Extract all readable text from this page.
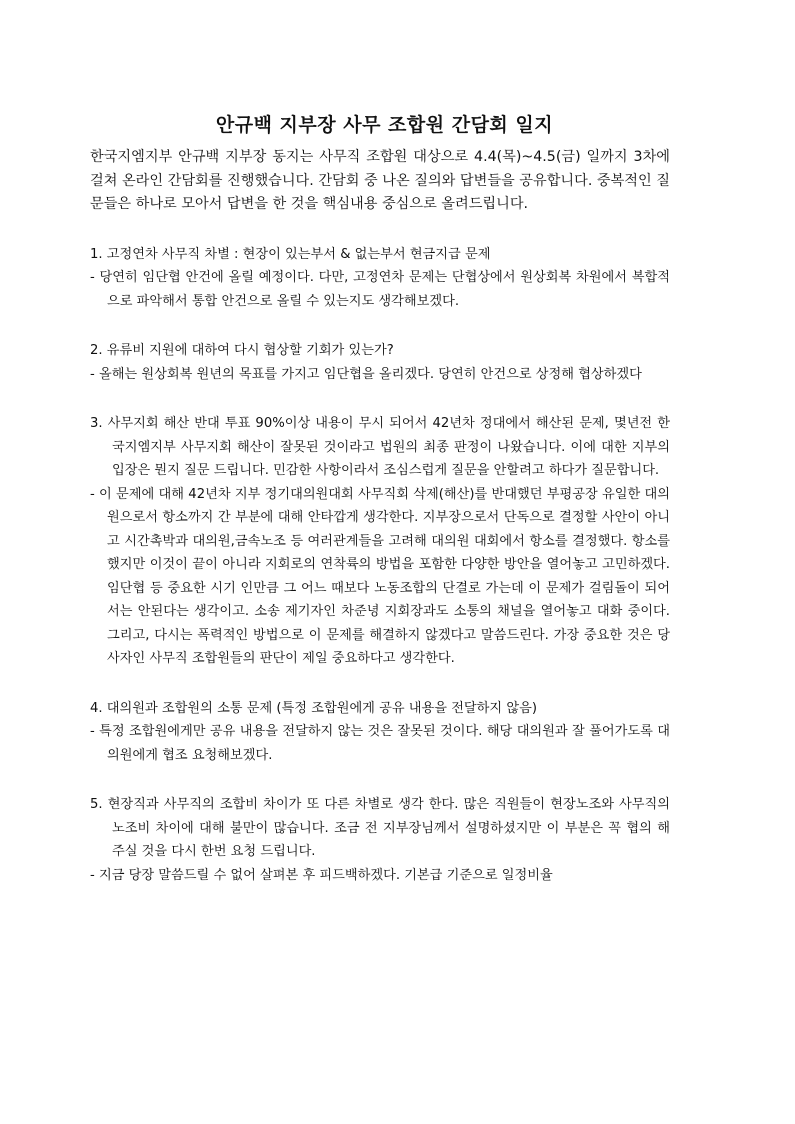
안규백 지부장 사무 조합원 간담회 일지

한국지엠지부 안규백 지부장 동지는 사무직 조합원 대상으로 4.4(목)~4.5(금) 일까지 3차에 걸쳐 온라인 간담회를 진행했습니다. 간담회 중 나온 질의와 답변들을 공유합니다. 중복적인 질문들은 하나로 모아서 답변을 한 것을 핵심내용 중심으로 올려드립니다.

1. 고정연차 사무직 차별 : 현장이 있는부서 & 없는부서 현금지급 문제
- 당연히 임단협 안건에 올릴 예정이다. 다만, 고정연차 문제는 단협상에서 원상회복 차원에서 복합적으로 파악해서 통합 안건으로 올릴 수 있는지도 생각해보겠다.
2. 유류비 지원에 대하여 다시 협상할 기회가 있는가?
- 올해는 원상회복 원년의 목표를 가지고 임단협을 올리겠다. 당연히 안건으로 상정해 협상하겠다
3. 사무지회 해산 반대 투표 90%이상 내용이 무시 되어서 42년차 정대에서 해산된 문제, 몇년전 한국지엠지부 사무지회 해산이 잘못된 것이라고 법원의 최종 판정이 나왔습니다. 이에 대한 지부의 입장은 뭔지 질문 드립니다. 민감한 사항이라서 조심스럽게 질문을 안할려고 하다가 질문합니다.
- 이 문제에 대해 42년차 지부 정기대의원대회 사무직회 삭제(해산)를 반대했던 부평공장 유일한 대의원으로서 항소까지 간 부분에 대해 안타깝게 생각한다. 지부장으로서 단독으로 결정할 사안이 아니고 시간촉박과 대의원,금속노조 등 여러관계들을 고려해 대의원 대회에서 항소를 결정했다. 항소를 했지만 이것이 끝이 아니라 지회로의 연착륙의 방법을 포함한 다양한 방안을 열어놓고 고민하겠다. 임단협 등 중요한 시기 인만큼 그 어느 때보다 노동조합의 단결로 가는데 이 문제가 걸림돌이 되어서는 안된다는 생각이고. 소송 제기자인 차준녕 지회장과도 소통의 채널을 열어놓고 대화 중이다. 그리고, 다시는 폭력적인 방법으로 이 문제를 해결하지 않겠다고 말씀드린다. 가장 중요한 것은 당사자인 사무직 조합원들의 판단이 제일 중요하다고 생각한다.
4. 대의원과 조합원의 소통 문제 (특정 조합원에게 공유 내용을 전달하지 않음)
- 특정 조합원에게만 공유 내용을 전달하지 않는 것은 잘못된 것이다. 해당 대의원과 잘 풀어가도록 대의원에게 협조 요청해보겠다.
5. 현장직과 사무직의 조합비 차이가 또 다른 차별로 생각 한다. 많은 직원들이 현장노조와 사무직의 노조비 차이에 대해 불만이 많습니다. 조금 전 지부장님께서 설명하셨지만 이 부분은 꼭 협의 해 주실 것을 다시 한번 요청 드립니다.
- 지금 당장 말씀드릴 수 없어 살펴본 후 피드백하겠다. 기본급 기준으로 일정비율
